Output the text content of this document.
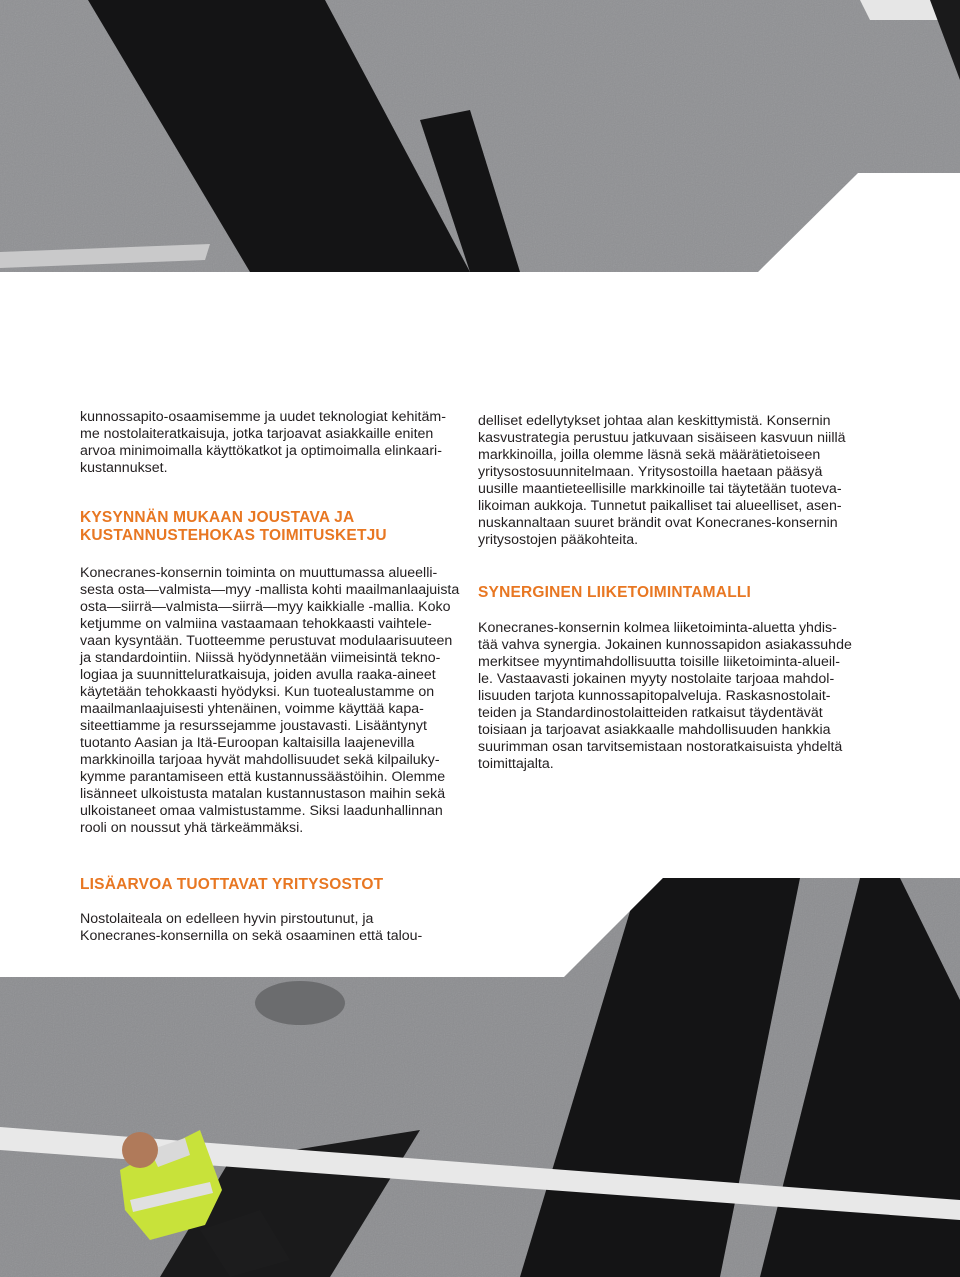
kunnossapito-osaamisemme ja uudet teknologiat kehitäm-
me nostolaiteratkaisuja, jotka tarjoavat asiakkaille eniten
arvoa minimoimalla käyttökatkot ja optimoimalla elinkaari-
kustannukset.

KYSYNNÄN MUKAAN JOUSTAVA JA
KUSTANNUSTEHOKAS TOIMITUSKETJU

Konecranes-konsernin toiminta on muuttumassa alueelli-
sesta osta—valmista—myy -mallista kohti maailmanlaajuista
osta—siirrä—valmista—siirrä—myy kaikkialle -mallia. Koko
ketjumme on valmiina vastaamaan tehokkaasti vaihtele-
vaan kysyntään. Tuotteemme perustuvat modulaarisuuteen
ja standardointiin. Niissä hyödynnetään viimeisintä tekno-
logiaa ja suunnitteluratkaisuja, joiden avulla raaka-aineet
käytetään tehokkaasti hyödyksi. Kun tuotealustamme on
maailmanlaajuisesti yhtenäinen, voimme käyttää kapa-
siteettiamme ja resurssejamme joustavasti. Lisääntynyt
tuotanto Aasian ja Itä-Euroopan kaltaisilla laajenevilla
markkinoilla tarjoaa hyvät mahdollisuudet sekä kilpailuky-
kymme parantamiseen että kustannussäästöihin. Olemme
lisänneet ulkoistusta matalan kustannustason maihin sekä
ulkoistaneet omaa valmistustamme. Siksi laadunhallinnan
rooli on noussut yhä tärkeämmäksi.

LISÄARVOA TUOTTAVAT YRITYSOSTOT

Nostolaiteala on edelleen hyvin pirstoutunut, ja
Konecranes-konsernilla on sekä osaaminen että talou-

delliset edellytykset johtaa alan keskittymistä. Konsernin
kasvustrategia perustuu jatkuvaan sisäiseen kasvuun niillä
markkinoilla, joilla olemme läsnä sekä määrätietoiseen
yritysostosuunnitelmaan. Yritysostoilla haetaan pääsyä
uusille maantieteellisille markkinoille tai täytetään tuoteva-
likoiman aukkoja. Tunnetut paikalliset tai alueelliset, asen-
nuskannaltaan suuret brändit ovat Konecranes-konsernin
yritysostojen pääkohteita.

SYNERGINEN LIIKETOIMINTAMALLI

Konecranes-konsernin kolmea liiketoiminta-aluetta yhdis-
tää vahva synergia. Jokainen kunnossapidon asiakassuhde
merkitsee myyntimahdollisuutta toisille liiketoiminta-alueil-
le. Vastaavasti jokainen myyty nostolaite tarjoaa mahdol-
lisuuden tarjota kunnossapitopalveluja. Raskasnostolait-
teiden ja Standardinostolaitteiden ratkaisut täydentävät
toisiaan ja tarjoavat asiakkaalle mahdollisuuden hankkia
suurimman osan tarvitsemistaan nostoratkaisuista yhdeltä
toimittajalta.
